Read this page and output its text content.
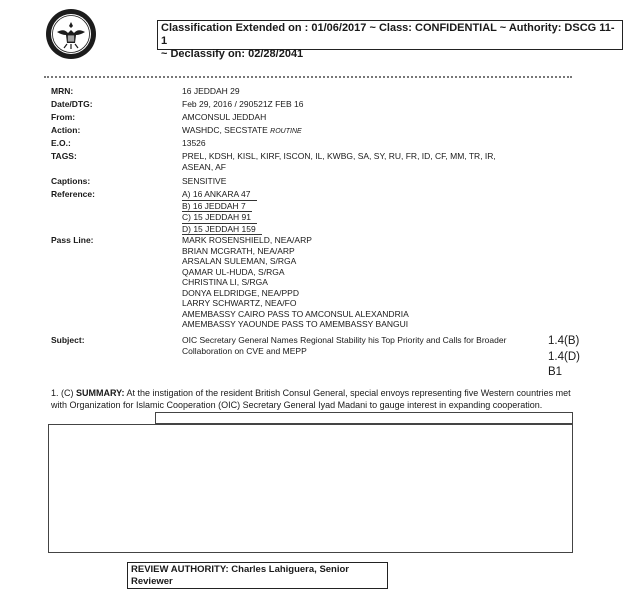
Classification Extended on : 01/06/2017 ~ Class: CONFIDENTIAL ~ Authority: DSCG 11-1
~ Declassify on: 02/28/2041
MRN:	16 JEDDAH 29
Date/DTG:	Feb 29, 2016 / 290521Z FEB 16
From:	AMCONSUL JEDDAH
Action:	WASHDC, SECSTATE ROUTINE
E.O.:	13526
TAGS:	PREL, KDSH, KISL, KIRF, ISCON, IL, KWBG, SA, SY, RU, FR, ID, CF, MM, TR, IR,
ASEAN, AF
Captions:	SENSITIVE
Reference:	A) 16 ANKARA 47
B) 16 JEDDAH 7
C) 15 JEDDAH 91
D) 15 JEDDAH 159
Pass Line:	MARK ROSENSHIELD, NEA/ARP
BRIAN MCGRATH, NEA/ARP
ARSALAN SULEMAN, S/RGA
QAMAR UL-HUDA, S/RGA
CHRISTINA LI, S/RGA
DONYA ELDRIDGE, NEA/PPD
LARRY SCHWARTZ, NEA/FO
AMEMBASSY CAIRO PASS TO AMCONSUL ALEXANDRIA
AMEMBASSY YAOUNDE PASS TO AMEMBASSY BANGUI
Subject:	OIC Secretary General Names Regional Stability his Top Priority and Calls for Broader
Collaboration on CVE and MEPP
1.4(B)
1.4(D)
B1
1. (C) SUMMARY: At the instigation of the resident British Consul General, special envoys representing five Western countries met with Organization for Islamic Cooperation (OIC) Secretary General Iyad Madani to gauge interest in expanding cooperation.
REVIEW AUTHORITY: Charles Lahiguera, Senior
Reviewer
